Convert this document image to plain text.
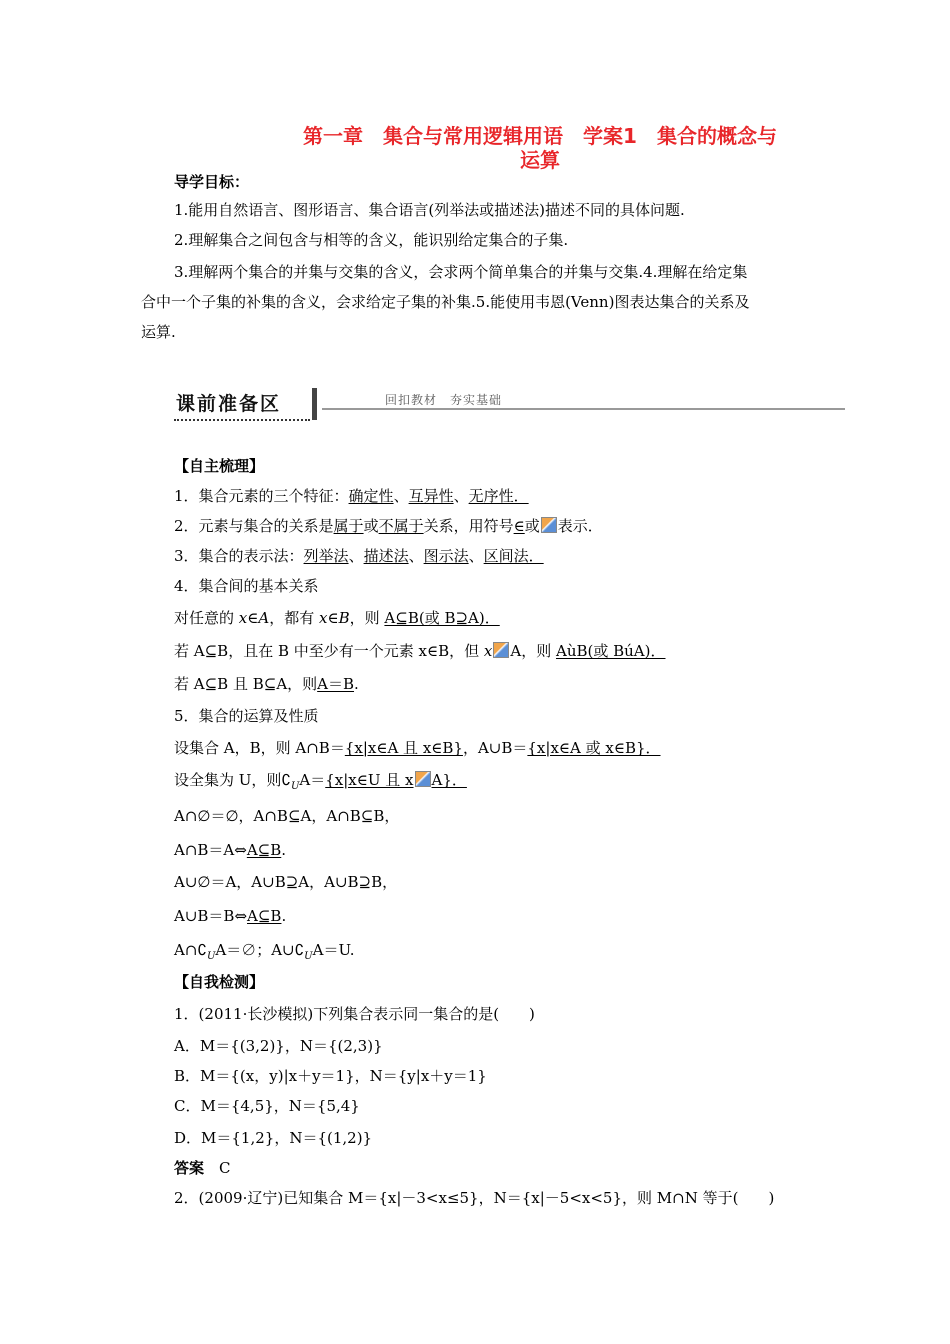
第一章　集合与常用逻辑用语　学案1　集合的概念与
运算
导学目标：
1.能用自然语言、图形语言、集合语言(列举法或描述法)描述不同的具体问题.
2.理解集合之间包含与相等的含义，能识别给定集合的子集.
3.理解两个集合的并集与交集的含义，会求两个简单集合的并集与交集.4.理解在给定集
合中一个子集的补集的含义，会求给定子集的补集.5.能使用韦恩(Venn)图表达集合的关系及
运算.
课前准备区	回扣教材　夯实基础
【自主梳理】
1．集合元素的三个特征：确定性、互异性、无序性．
2．元素与集合的关系是属于或不属于关系，用符号∈或 表示．
3．集合的表示法：列举法、描述法、图示法、区间法．
4．集合间的基本关系
对任意的 x∈A，都有 x∈B，则 A⊆B(或 B⊇A)．
若 A⊆B，且在 B 中至少有一个元素 x∈B，但 x A，则 AùB(或 BúA)．
若 A⊆B 且 B⊆A，则A＝B.
5．集合的运算及性质
设集合 A，B，则 A∩B＝{x|x∈A 且 x∈B}，A∪B＝{x|x∈A 或 x∈B}．
设全集为 U，则$∁_UA=\{x|x\in U$ 且 x A}．
A∩∅＝∅，A∩B⊆A，A∩B⊆B，
A∩B＝A⇔A⊆B.
A∪∅＝A，A∪B⊇A，A∪B⊇B，
A∪B＝B⇔A⊆B.
$A\cap∁_UA=\emptyset$；$A\cup∁_UA=U$.
【自我检测】
1．(2011·长沙模拟)下列集合表示同一集合的是(　　)
A．M＝{(3,2)}，N＝{(2,3)}
B．M＝{(x，y)|x＋y＝1}，N＝{y|x＋y＝1}
C．M＝{4,5}，N＝{5,4}
D．M＝{1,2}，N＝{(1,2)}
答案　 C
2．(2009·辽宁)已知集合 M＝{x|－3<x≤5}，N＝{x|－5<x<5}，则 M∩N 等于(　　)
